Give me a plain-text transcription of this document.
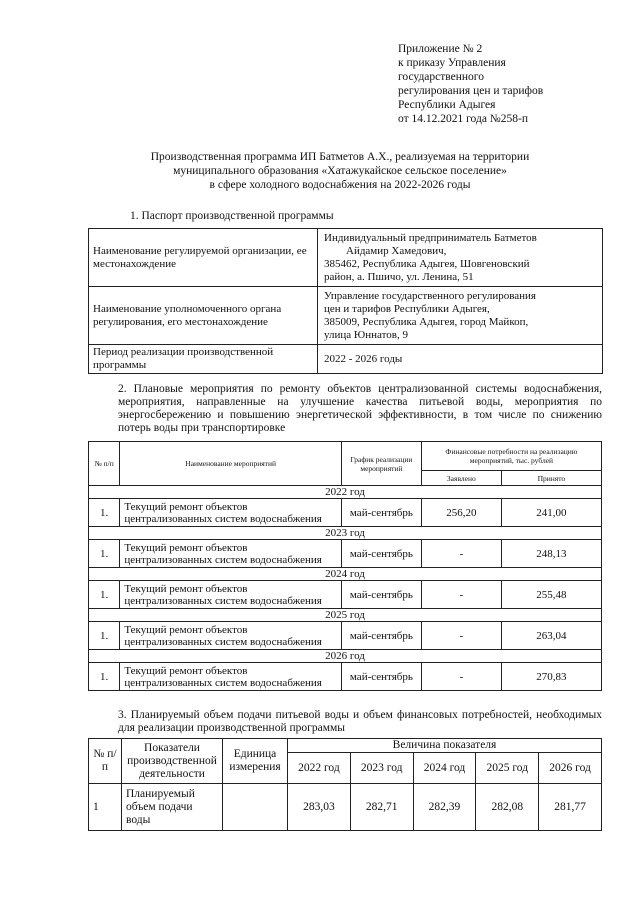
Приложение № 2
к приказу Управления
государственного
регулирования цен и тарифов
Республики Адыгея
от 14.12.2021 года №258-п
Производственная программа ИП Батметов А.Х., реализуемая на территории
муниципального образования «Хатажукайское сельское поселение»
в сфере холодного водоснабжения на 2022-2026 годы
1. Паспорт производственной программы
Наименование регулируемой организации, ее местонахождение	Индивидуальный предприниматель Батметов
Айдамир Хамедович,
385462, Республика Адыгея, Шовгеновский
район, а. Пшичо, ул. Ленина, 51

Наименование уполномоченного органа регулирования, его местонахождение	Управление государственного регулирования
цен и тарифов Республики Адыгея,
385009, Республика Адыгея, город Майкоп,
улица Юннатов, 9

Период реализации производственной программы	2022 - 2026 годы
2. Плановые мероприятия по ремонту объектов централизованной системы водоснабжения, мероприятия, направленные на улучшение качества питьевой воды, мероприятия по энергосбережению и повышению энергетической эффективности, в том числе по снижению потерь воды при транспортировке
№ п/п	Наименование мероприятий	График реализации мероприятий	Финансовые потребности на реализацию мероприятий, тыс. рублей	
			Заявлено	Принято
2022 год				
1.	Текущий ремонт объектов централизованных систем водоснабжения	май-сентябрь	256,20	241,00
2023 год				
1.	Текущий ремонт объектов централизованных систем водоснабжения	май-сентябрь	-	248,13
2024 год				
1.	Текущий ремонт объектов централизованных систем водоснабжения	май-сентябрь	-	255,48
2025 год				
1.	Текущий ремонт объектов централизованных систем водоснабжения	май-сентябрь	-	263,04
2026 год				
1.	Текущий ремонт объектов централизованных систем водоснабжения	май-сентябрь	-	270,83
3. Планируемый объем подачи питьевой воды и объем финансовых потребностей, необходимых для реализации производственной программы
№ п/п	Показатели производственной деятельности	Единица измерения	Величина показателя				
			2022 год	2023 год	2024 год	2025 год	2026 год
1	Планируемый объем подачи воды		283,03	282,71	282,39	282,08	281,77
